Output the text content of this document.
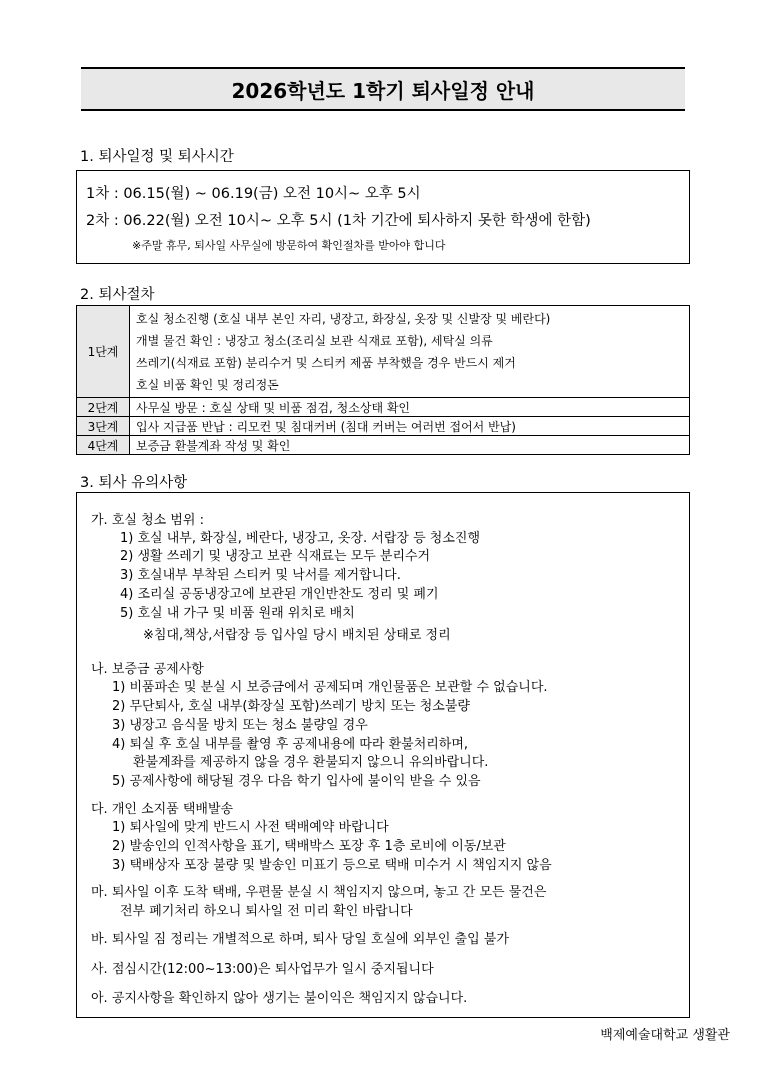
2026학년도 1학기 퇴사일정 안내
1. 퇴사일정 및 퇴사시간
1차 : 06.15(월) ~ 06.19(금) 오전 10시~ 오후 5시
2차 : 06.22(월) 오전 10시~ 오후 5시 (1차 기간에 퇴사하지 못한 학생에 한함)
※주말 휴무, 퇴사일 사무실에 방문하여 확인절차를 받아야 합니다
2. 퇴사절차
1단계	호실 청소진행 (호실 내부 본인 자리, 냉장고, 화장실, 옷장 및 신발장 및 베란다)
개별 물건 확인 : 냉장고 청소(조리실 보관 식재료 포함), 세탁실 의류
쓰레기(식재료 포함) 분리수거 및 스티커 제품 부착했을 경우 반드시 제거
호실 비품 확인 및 정리정돈

2단계	사무실 방문 : 호실 상태 및 비품 점검, 청소상태 확인
3단계	입사 지급품 반납 : 리모컨 및 침대커버 (침대 커버는 여러번 접어서 반납)
4단계	보증금 환불계좌 작성 및 확인
3. 퇴사 유의사항
가. 호실 청소 범위 :
1) 호실 내부, 화장실, 베란다, 냉장고, 옷장. 서랍장 등 청소진행
2) 생활 쓰레기 및 냉장고 보관 식재료는 모두 분리수거
3) 호실내부 부착된 스티커 및 낙서를 제거합니다.
4) 조리실 공동냉장고에 보관된 개인반찬도 정리 및 폐기
5) 호실 내 가구 및 비품 원래 위치로 배치
※침대,책상,서랍장 등 입사일 당시 배치된 상태로 정리
나. 보증금 공제사항
1) 비품파손 및 분실 시 보증금에서 공제되며 개인물품은 보관할 수 없습니다.
2) 무단퇴사, 호실 내부(화장실 포함)쓰레기 방치 또는 청소불량
3) 냉장고 음식물 방치 또는 청소 불량일 경우
4) 퇴실 후 호실 내부를 촬영 후 공제내용에 따라 환불처리하며,
환불계좌를 제공하지 않을 경우 환불되지 않으니 유의바랍니다.
5) 공제사항에 해당될 경우 다음 학기 입사에 불이익 받을 수 있음
다. 개인 소지품 택배발송
1) 퇴사일에 맞게 반드시 사전 택배예약 바랍니다
2) 발송인의 인적사항을 표기, 택배박스 포장 후 1층 로비에 이동/보관
3) 택배상자 포장 불량 및 발송인 미표기 등으로 택배 미수거 시 책임지지 않음
마. 퇴사일 이후 도착 택배, 우편물 분실 시 책임지지 않으며, 놓고 간 모든 물건은
전부 폐기처리 하오니 퇴사일 전 미리 확인 바랍니다
바. 퇴사일 짐 정리는 개별적으로 하며, 퇴사 당일 호실에 외부인 출입 불가
사. 점심시간(12:00~13:00)은 퇴사업무가 일시 중지됩니다
아. 공지사항을 확인하지 않아 생기는 불이익은 책임지지 않습니다.
백제예술대학교 생활관
